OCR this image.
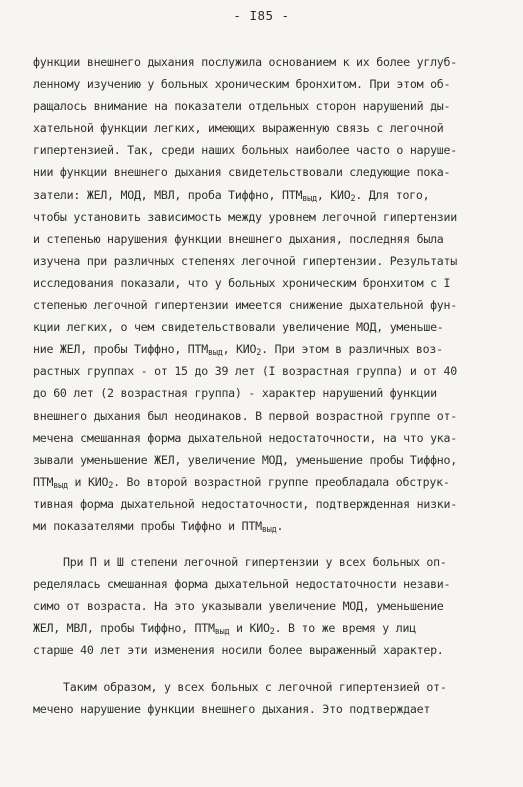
- I85 -
функции внешнего дыхания послужила основанием к их более углуб-
ленному изучению у больных хроническим бронхитом. При этом об-
ращалось внимание на показатели отдельных сторон нарушений ды-
хательной функции легких, имеющих выраженную связь с легочной
гипертензией. Так, среди наших больных наиболее часто о наруше-
нии функции внешнего дыхания свидетельствовали следующие пока-
затели: ЖЕЛ, МОД, МВЛ, проба Тиффно, $ПТМ_{выд}$, $КИО_2$. Для того,
чтобы установить зависимость между уровнем легочной гипертензии
и степенью нарушения функции внешнего дыхания, последняя была
изучена при различных степенях легочной гипертензии. Результаты
исследования показали, что у больных хроническим бронхитом с I
степенью легочной гипертензии имеется снижение дыхательной фун-
кции легких, о чем свидетельствовали увеличение МОД, уменьше-
ние ЖЕЛ, пробы Тиффно, $ПТМ_{выд}$, $КИО_2$. При этом в различных воз-
растных группах - от 15 до 39 лет (I возрастная группа) и от 40
до 60 лет (2 возрастная группа) - характер нарушений функции
внешнего дыхания был неодинаков. В первой возрастной группе от-
мечена смешанная форма дыхательной недостаточности, на что ука-
зывали уменьшение ЖЕЛ, увеличение МОД, уменьшение пробы Тиффно,
$ПТМ_{выд}$ и $КИО_2$. Во второй возрастной группе преобладала обструк-
тивная форма дыхательной недостаточности, подтвержденная низки-
ми показателями пробы Тиффно и $ПТМ_{выд}$.
При П и Ш степени легочной гипертензии у всех больных оп-
ределялась смешанная форма дыхательной недостаточности незави-
симо от возраста. На это указывали увеличение МОД, уменьшение
ЖЕЛ, МВЛ, пробы Тиффно, $ПТМ_{выд}$ и $КИО_2$. В то же время у лиц
старше 40 лет эти изменения носили более выраженный характер.
Таким образом, у всех больных с легочной гипертензией от-
мечено нарушение функции внешнего дыхания. Это подтверждает
